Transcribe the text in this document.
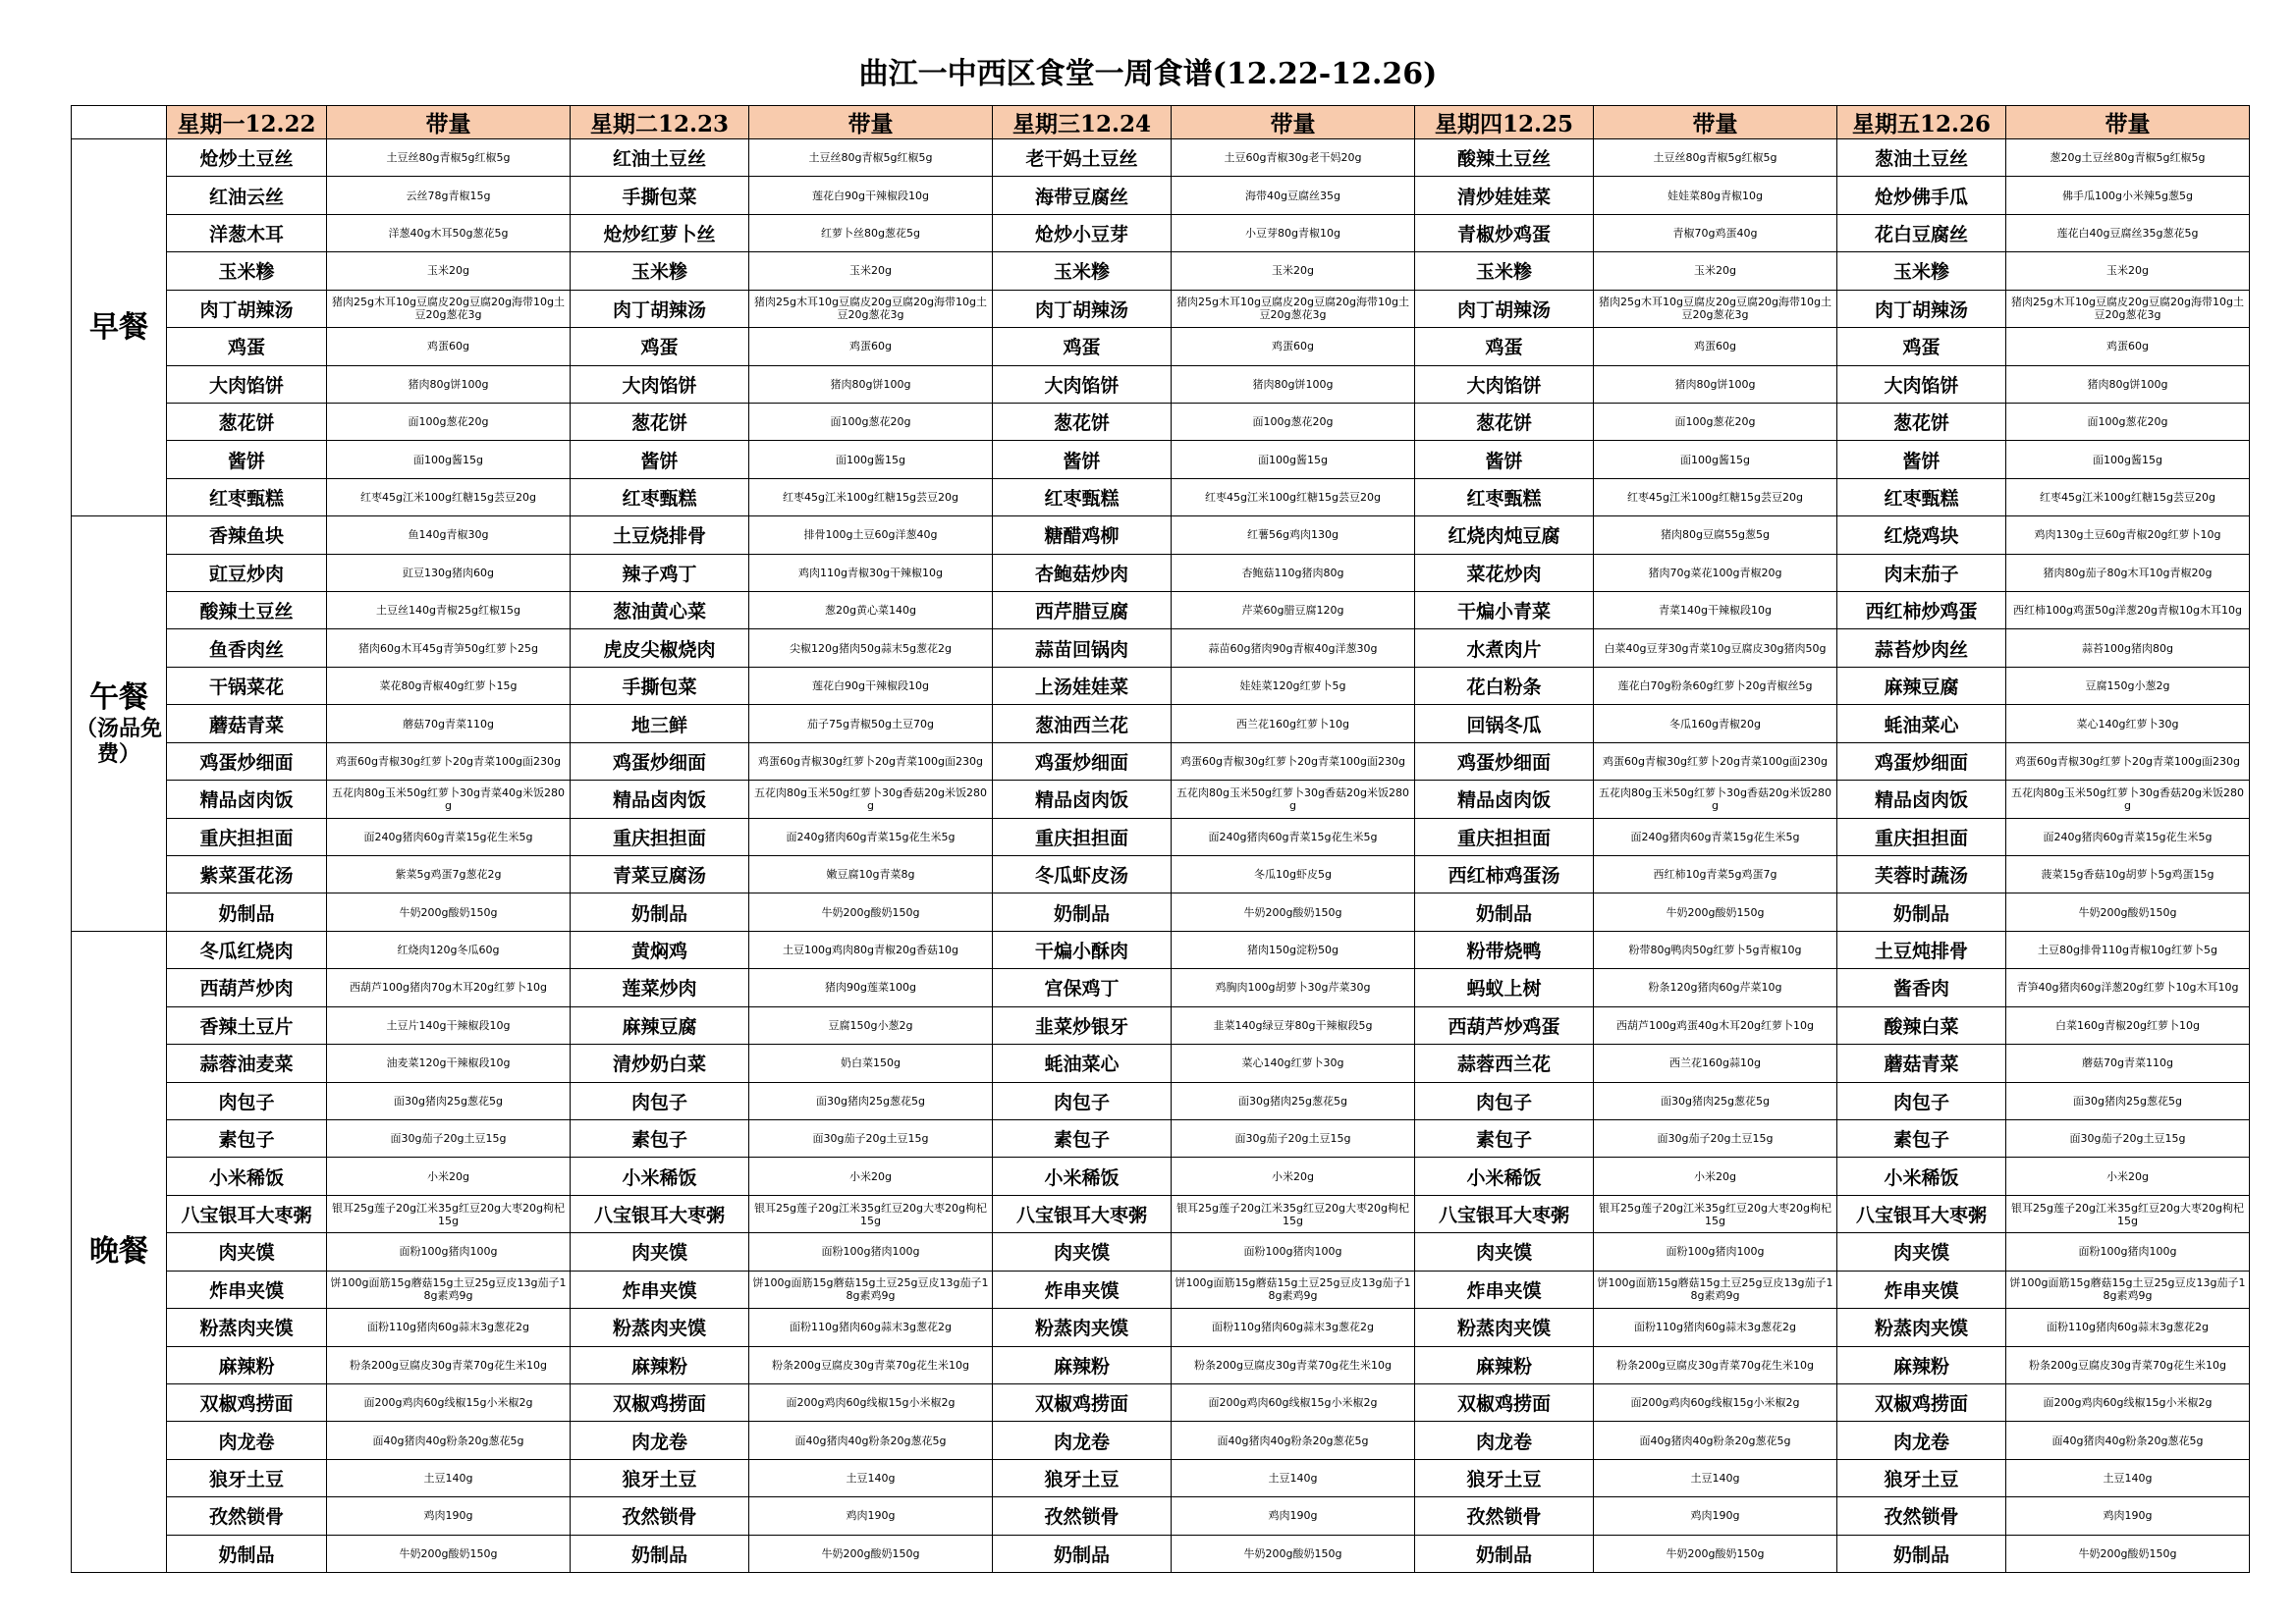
曲江一中西区食堂一周食谱(12.22-12.26)
	星期一12.22	带量	星期二12.23	带量	星期三12.24	带量	星期四12.25	带量	星期五12.26	带量

早餐	炝炒土豆丝	土豆丝80g青椒5g红椒5g	红油土豆丝	土豆丝80g青椒5g红椒5g	老干妈土豆丝	土豆60g青椒30g老干妈20g	酸辣土豆丝	土豆丝80g青椒5g红椒5g	葱油土豆丝	葱20g土豆丝80g青椒5g红椒5g
	红油云丝	云丝78g青椒15g	手撕包菜	莲花白90g干辣椒段10g	海带豆腐丝	海带40g豆腐丝35g	清炒娃娃菜	娃娃菜80g青椒10g	炝炒佛手瓜	佛手瓜100g小米辣5g葱5g
	洋葱木耳	洋葱40g木耳50g葱花5g	炝炒红萝卜丝	红萝卜丝80g葱花5g	炝炒小豆芽	小豆芽80g青椒10g	青椒炒鸡蛋	青椒70g鸡蛋40g	花白豆腐丝	莲花白40g豆腐丝35g葱花5g
	玉米糁	玉米20g	玉米糁	玉米20g	玉米糁	玉米20g	玉米糁	玉米20g	玉米糁	玉米20g
	肉丁胡辣汤	猪肉25g木耳10g豆腐皮20g豆腐20g海带10g土豆20g葱花3g	肉丁胡辣汤	猪肉25g木耳10g豆腐皮20g豆腐20g海带10g土豆20g葱花3g	肉丁胡辣汤	猪肉25g木耳10g豆腐皮20g豆腐20g海带10g土豆20g葱花3g	肉丁胡辣汤	猪肉25g木耳10g豆腐皮20g豆腐20g海带10g土豆20g葱花3g	肉丁胡辣汤	猪肉25g木耳10g豆腐皮20g豆腐20g海带10g土豆20g葱花3g
	鸡蛋	鸡蛋60g	鸡蛋	鸡蛋60g	鸡蛋	鸡蛋60g	鸡蛋	鸡蛋60g	鸡蛋	鸡蛋60g
	大肉馅饼	猪肉80g饼100g	大肉馅饼	猪肉80g饼100g	大肉馅饼	猪肉80g饼100g	大肉馅饼	猪肉80g饼100g	大肉馅饼	猪肉80g饼100g
	葱花饼	面100g葱花20g	葱花饼	面100g葱花20g	葱花饼	面100g葱花20g	葱花饼	面100g葱花20g	葱花饼	面100g葱花20g
	酱饼	面100g酱15g	酱饼	面100g酱15g	酱饼	面100g酱15g	酱饼	面100g酱15g	酱饼	面100g酱15g
	红枣甄糕	红枣45g江米100g红糖15g芸豆20g	红枣甄糕	红枣45g江米100g红糖15g芸豆20g	红枣甄糕	红枣45g江米100g红糖15g芸豆20g	红枣甄糕	红枣45g江米100g红糖15g芸豆20g	红枣甄糕	红枣45g江米100g红糖15g芸豆20g

午餐
（汤品免费）	香辣鱼块	鱼140g青椒30g	土豆烧排骨	排骨100g土豆60g洋葱40g	糖醋鸡柳	红薯56g鸡肉130g	红烧肉炖豆腐	猪肉80g豆腐55g葱5g	红烧鸡块	鸡肉130g土豆60g青椒20g红萝卜10g
	豇豆炒肉	豇豆130g猪肉60g	辣子鸡丁	鸡肉110g青椒30g干辣椒10g	杏鲍菇炒肉	杏鲍菇110g猪肉80g	菜花炒肉	猪肉70g菜花100g青椒20g	肉末茄子	猪肉80g茄子80g木耳10g青椒20g
	酸辣土豆丝	土豆丝140g青椒25g红椒15g	葱油黄心菜	葱20g黄心菜140g	西芹腊豆腐	芹菜60g腊豆腐120g	干煸小青菜	青菜140g干辣椒段10g	西红柿炒鸡蛋	西红柿100g鸡蛋50g洋葱20g青椒10g木耳10g
	鱼香肉丝	猪肉60g木耳45g青笋50g红萝卜25g	虎皮尖椒烧肉	尖椒120g猪肉50g蒜末5g葱花2g	蒜苗回锅肉	蒜苗60g猪肉90g青椒40g洋葱30g	水煮肉片	白菜40g豆芽30g青菜10g豆腐皮30g猪肉50g	蒜苔炒肉丝	蒜苔100g猪肉80g
	干锅菜花	菜花80g青椒40g红萝卜15g	手撕包菜	莲花白90g干辣椒段10g	上汤娃娃菜	娃娃菜120g红萝卜5g	花白粉条	莲花白70g粉条60g红萝卜20g青椒丝5g	麻辣豆腐	豆腐150g小葱2g
	蘑菇青菜	蘑菇70g青菜110g	地三鲜	茄子75g青椒50g土豆70g	葱油西兰花	西兰花160g红萝卜10g	回锅冬瓜	冬瓜160g青椒20g	蚝油菜心	菜心140g红萝卜30g
	鸡蛋炒细面	鸡蛋60g青椒30g红萝卜20g青菜100g面230g	鸡蛋炒细面	鸡蛋60g青椒30g红萝卜20g青菜100g面230g	鸡蛋炒细面	鸡蛋60g青椒30g红萝卜20g青菜100g面230g	鸡蛋炒细面	鸡蛋60g青椒30g红萝卜20g青菜100g面230g	鸡蛋炒细面	鸡蛋60g青椒30g红萝卜20g青菜100g面230g
	精品卤肉饭	五花肉80g玉米50g红萝卜30g青菜40g米饭280g	精品卤肉饭	五花肉80g玉米50g红萝卜30g香菇20g米饭280g	精品卤肉饭	五花肉80g玉米50g红萝卜30g香菇20g米饭280g	精品卤肉饭	五花肉80g玉米50g红萝卜30g香菇20g米饭280g	精品卤肉饭	五花肉80g玉米50g红萝卜30g香菇20g米饭280g
	重庆担担面	面240g猪肉60g青菜15g花生米5g	重庆担担面	面240g猪肉60g青菜15g花生米5g	重庆担担面	面240g猪肉60g青菜15g花生米5g	重庆担担面	面240g猪肉60g青菜15g花生米5g	重庆担担面	面240g猪肉60g青菜15g花生米5g
	紫菜蛋花汤	紫菜5g鸡蛋7g葱花2g	青菜豆腐汤	嫩豆腐10g青菜8g	冬瓜虾皮汤	冬瓜10g虾皮5g	西红柿鸡蛋汤	西红柿10g青菜5g鸡蛋7g	芙蓉时蔬汤	菠菜15g香菇10g胡萝卜5g鸡蛋15g
	奶制品	牛奶200g酸奶150g	奶制品	牛奶200g酸奶150g	奶制品	牛奶200g酸奶150g	奶制品	牛奶200g酸奶150g	奶制品	牛奶200g酸奶150g

晚餐	冬瓜红烧肉	红烧肉120g冬瓜60g	黄焖鸡	土豆100g鸡肉80g青椒20g香菇10g	干煸小酥肉	猪肉150g淀粉50g	粉带烧鸭	粉带80g鸭肉50g红萝卜5g青椒10g	土豆炖排骨	土豆80g排骨110g青椒10g红萝卜5g
	西葫芦炒肉	西葫芦100g猪肉70g木耳20g红萝卜10g	莲菜炒肉	猪肉90g莲菜100g	宫保鸡丁	鸡胸肉100g胡萝卜30g芹菜30g	蚂蚁上树	粉条120g猪肉60g芹菜10g	酱香肉	青笋40g猪肉60g洋葱20g红萝卜10g木耳10g
	香辣土豆片	土豆片140g干辣椒段10g	麻辣豆腐	豆腐150g小葱2g	韭菜炒银牙	韭菜140g绿豆芽80g干辣椒段5g	西葫芦炒鸡蛋	西葫芦100g鸡蛋40g木耳20g红萝卜10g	酸辣白菜	白菜160g青椒20g红萝卜10g
	蒜蓉油麦菜	油麦菜120g干辣椒段10g	清炒奶白菜	奶白菜150g	蚝油菜心	菜心140g红萝卜30g	蒜蓉西兰花	西兰花160g蒜10g	蘑菇青菜	蘑菇70g青菜110g
	肉包子	面30g猪肉25g葱花5g	肉包子	面30g猪肉25g葱花5g	肉包子	面30g猪肉25g葱花5g	肉包子	面30g猪肉25g葱花5g	肉包子	面30g猪肉25g葱花5g
	素包子	面30g茄子20g土豆15g	素包子	面30g茄子20g土豆15g	素包子	面30g茄子20g土豆15g	素包子	面30g茄子20g土豆15g	素包子	面30g茄子20g土豆15g
	小米稀饭	小米20g	小米稀饭	小米20g	小米稀饭	小米20g	小米稀饭	小米20g	小米稀饭	小米20g
	八宝银耳大枣粥	银耳25g莲子20g江米35g红豆20g大枣20g枸杞15g	八宝银耳大枣粥	银耳25g莲子20g江米35g红豆20g大枣20g枸杞15g	八宝银耳大枣粥	银耳25g莲子20g江米35g红豆20g大枣20g枸杞15g	八宝银耳大枣粥	银耳25g莲子20g江米35g红豆20g大枣20g枸杞15g	八宝银耳大枣粥	银耳25g莲子20g江米35g红豆20g大枣20g枸杞15g
	肉夹馍	面粉100g猪肉100g	肉夹馍	面粉100g猪肉100g	肉夹馍	面粉100g猪肉100g	肉夹馍	面粉100g猪肉100g	肉夹馍	面粉100g猪肉100g
	炸串夹馍	饼100g面筋15g蘑菇15g土豆25g豆皮13g茄子18g素鸡9g	炸串夹馍	饼100g面筋15g蘑菇15g土豆25g豆皮13g茄子18g素鸡9g	炸串夹馍	饼100g面筋15g蘑菇15g土豆25g豆皮13g茄子18g素鸡9g	炸串夹馍	饼100g面筋15g蘑菇15g土豆25g豆皮13g茄子18g素鸡9g	炸串夹馍	饼100g面筋15g蘑菇15g土豆25g豆皮13g茄子18g素鸡9g
	粉蒸肉夹馍	面粉110g猪肉60g蒜末3g葱花2g	粉蒸肉夹馍	面粉110g猪肉60g蒜末3g葱花2g	粉蒸肉夹馍	面粉110g猪肉60g蒜末3g葱花2g	粉蒸肉夹馍	面粉110g猪肉60g蒜末3g葱花2g	粉蒸肉夹馍	面粉110g猪肉60g蒜末3g葱花2g
	麻辣粉	粉条200g豆腐皮30g青菜70g花生米10g	麻辣粉	粉条200g豆腐皮30g青菜70g花生米10g	麻辣粉	粉条200g豆腐皮30g青菜70g花生米10g	麻辣粉	粉条200g豆腐皮30g青菜70g花生米10g	麻辣粉	粉条200g豆腐皮30g青菜70g花生米10g
	双椒鸡捞面	面200g鸡肉60g线椒15g小米椒2g	双椒鸡捞面	面200g鸡肉60g线椒15g小米椒2g	双椒鸡捞面	面200g鸡肉60g线椒15g小米椒2g	双椒鸡捞面	面200g鸡肉60g线椒15g小米椒2g	双椒鸡捞面	面200g鸡肉60g线椒15g小米椒2g
	肉龙卷	面40g猪肉40g粉条20g葱花5g	肉龙卷	面40g猪肉40g粉条20g葱花5g	肉龙卷	面40g猪肉40g粉条20g葱花5g	肉龙卷	面40g猪肉40g粉条20g葱花5g	肉龙卷	面40g猪肉40g粉条20g葱花5g
	狼牙土豆	土豆140g	狼牙土豆	土豆140g	狼牙土豆	土豆140g	狼牙土豆	土豆140g	狼牙土豆	土豆140g
	孜然锁骨	鸡肉190g	孜然锁骨	鸡肉190g	孜然锁骨	鸡肉190g	孜然锁骨	鸡肉190g	孜然锁骨	鸡肉190g
	奶制品	牛奶200g酸奶150g	奶制品	牛奶200g酸奶150g	奶制品	牛奶200g酸奶150g	奶制品	牛奶200g酸奶150g	奶制品	牛奶200g酸奶150g
